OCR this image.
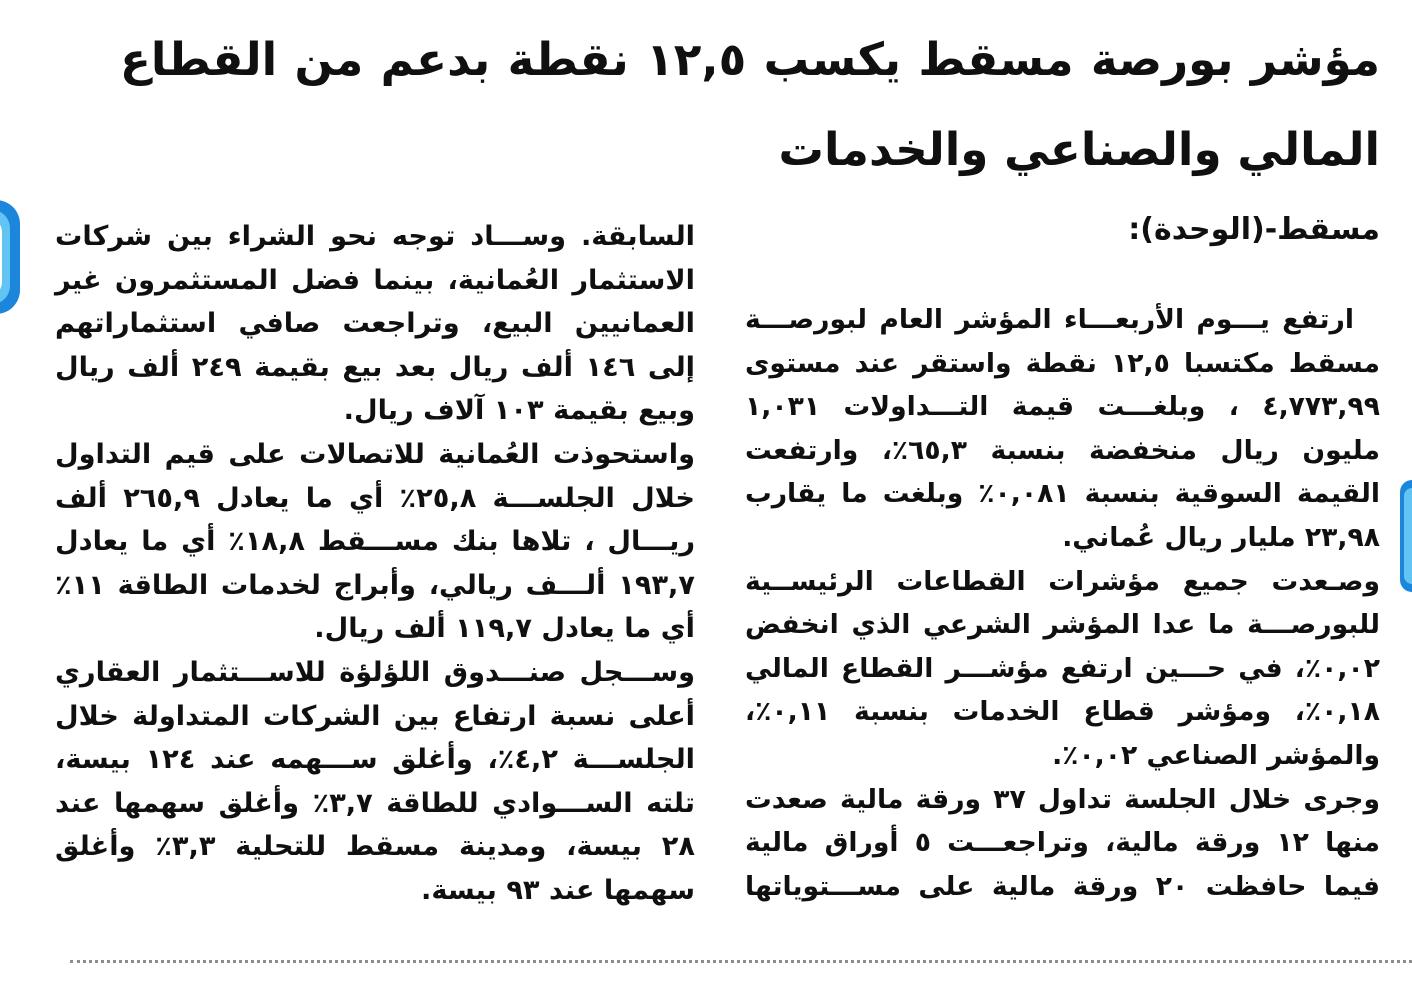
مؤشر بورصة مسقط يكسب ١٢,٥ نقطة بدعم من القطاع
المالي والصناعي والخدمات
مسقط-(الوحدة):
ارتفع يـــوم الأربعـــاء المؤشر العام لبورصـــة
مسقط مكتسبا ١٢,٥ نقطة واستقر عند مستوى
٤,٧٧٣,٩٩ ، وبلغـــت قيمة التـــداولات ١,٠٣١
مليون ريال منخفضة بنسبة ٦٥,٣٪، وارتفعت
القيمة السوقية بنسبة ٠,٠٨١٪ وبلغت ما يقارب
٢٣,٩٨ مليار ريال عُماني.
وصـعدت جميع مؤشرات القطاعات الرئيســية
للبورصـــة ما عدا المؤشر الشرعي الذي انخفض
٠,٠٢٪، في حـــين ارتفع مؤشـــر القطاع المالي
٠,١٨٪، ومؤشر قطاع الخدمات بنسبة ٠,١١٪،
والمؤشر الصناعي ٠,٠٢٪.
وجرى خلال الجلسة تداول ٣٧ ورقة مالية صعدت
منها ١٢ ورقة مالية، وتراجعـــت ٥ أوراق مالية
فيما حافظت ٢٠ ورقة مالية على مســـتوياتها
السابقة. وســـاد توجه نحو الشراء بين شركات
الاستثمار العُمانية، بينما فضل المستثمرون غير
العمانيين البيع، وتراجعت صافي استثماراتهم
إلى ١٤٦ ألف ريال بعد بيع بقيمة ٢٤٩ ألف ريال
وبيع بقيمة ١٠٣ آلاف ريال.
واستحوذت العُمانية للاتصالات على قيم التداول
خلال الجلســـة ٢٥,٨٪ أي ما يعادل ٢٦٥,٩ ألف
ريـــال ، تلاها بنك مســـقط ١٨,٨٪ أي ما يعادل
١٩٣,٧ ألـــف ريالي، وأبراج لخدمات الطاقة ١١٪
أي ما يعادل ١١٩,٧ ألف ريال.
وســـجل صنـــدوق اللؤلؤة للاســـتثمار العقاري
أعلى نسبة ارتفاع بين الشركات المتداولة خلال
الجلســـة ٤,٢٪، وأغلق ســـهمه عند ١٢٤ بيسة،
تلته الســـوادي للطاقة ٣,٧٪ وأغلق سهمها عند
٢٨ بيسة، ومدينة مسقط للتحلية ٣,٣٪ وأغلق
سهمها عند ٩٣ بيسة.
